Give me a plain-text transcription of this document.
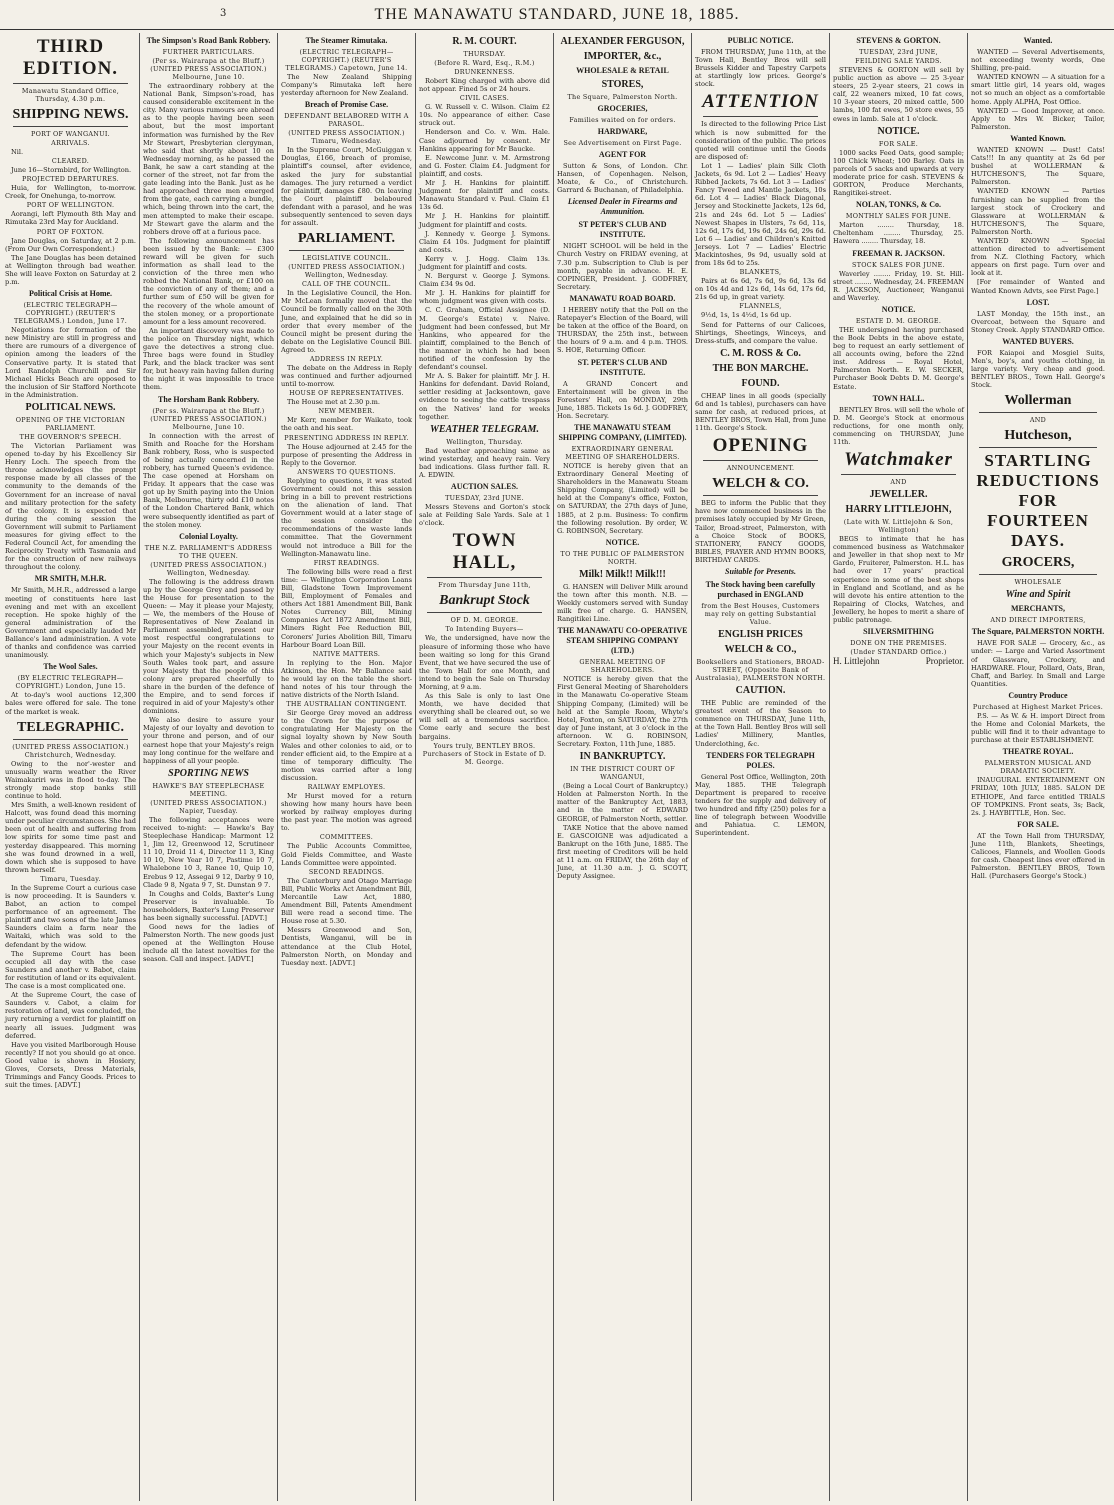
THE MANAWATU STANDARD, JUNE 18, 1885.
3
THIRD EDITION.
Manawatu Standard Office, Thursday, 4.30 p.m.
SHIPPING NEWS.
PORT OF WANGANUI.
ARRIVALS.

Nil.

CLEARED.

June 16—Stormbird, for Wellington.

PROJECTED DEPARTURES.

Huia, for Wellington, to-morrow. Creek, for Onehunga, to-morrow.

PORT OF WELLINGTON.

Aorangi, left Plymouth 8th May and Rimutaka 23rd May for Auckland.

PORT OF FOXTON.

Jane Douglas, on Saturday, at 2 p.m. (From Our Own Correspondent.)

The Jane Douglas has been detained at Wellington through bad weather. She will leave Foxton on Saturday at 2 p.m.

Political Crisis at Home.
(ELECTRIC TELEGRAPH—COPYRIGHT.) (REUTER'S TELEGRAMS.) London, June 17.

Negotiations for formation of the new Ministry are still in progress and there are rumours of a divergence of opinion among the leaders of the Conservative party. It is stated that Lord Randolph Churchill and Sir Michael Hicks Beach are opposed to the inclusion of Sir Stafford Northcote in the Administration.

POLITICAL NEWS.
OPENING OF THE VICTORIAN PARLIAMENT.
THE GOVERNOR'S SPEECH.

The Victorian Parliament was opened to-day by his Excellency Sir Henry Loch. The speech from the throne acknowledges the prompt response made by all classes of the community to the demands of the Government for an increase of naval and military protection for the safety of the colony. It is expected that during the coming session the Government will submit to Parliament measures for giving effect to the Federal Council Act, for amending the Reciprocity Treaty with Tasmania and for the construction of new railways throughout the colony.

MR SMITH, M.H.R.

Mr Smith, M.H.R., addressed a large meeting of constituents here last evening and met with an excellent reception. He spoke highly of the general administration of the Government and especially lauded Mr Ballance's land administration. A vote of thanks and confidence was carried unanimously.

The Wool Sales.
(BY ELECTRIC TELEGRAPH—COPYRIGHT.) London, June 15.

At to-day's wool auctions 12,300 bales were offered for sale. The tone of the market is weak.

TELEGRAPHIC.
(UNITED PRESS ASSOCIATION.) Christchurch, Wednesday.

Owing to the nor'-wester and unusually warm weather the River Waimakariri was in flood to-day. The strongly made stop banks still continue to hold.

Mrs Smith, a well-known resident of Halcott, was found dead this morning under peculiar circumstances. She had been out of health and suffering from low spirits for some time past and yesterday disappeared. This morning she was found drowned in a well, down which she is supposed to have thrown herself.

Timaru, Tuesday.

In the Supreme Court a curious case is now proceeding. It is Saunders v. Babot, an action to compel performance of an agreement. The plaintiff and two sons of the late James Saunders claim a farm near the Waitaki, which was sold to the defendant by the widow.

The Supreme Court has been occupied all day with the case Saunders and another v. Babot, claim for restitution of land or its equivalent. The case is a most complicated one.

At the Supreme Court, the case of Saunders v. Cabot, a claim for restoration of land, was concluded, the jury returning a verdict for plaintiff on nearly all issues. Judgment was deferred.

Have you visited Marlborough House recently? If not you should go at once. Good value is shown in Hosiery, Gloves, Corsets, Dress Materials, Trimmings and Fancy Goods. Prices to suit the times. [ADVT.]

The Simpson's Road Bank Robbery.
FURTHER PARTICULARS.
(Per ss. Wairarapa at the Bluff.) (UNITED PRESS ASSOCIATION.) Melbourne, June 10.

The extraordinary robbery at the National Bank, Simpson's-road, has caused considerable excitement in the city. Many various rumours are abroad as to the people having been seen about, but the most important information was furnished by the Rev Mr Stewart, Presbyterian clergyman, who said that shortly about 10 on Wednesday morning, as he passed the Bank, he saw a cart standing at the corner of the street, not far from the gate leading into the Bank. Just as he had approached three men emerged from the gate, each carrying a bundle, which, being thrown into the cart, the men attempted to make their escape. Mr Stewart gave the alarm and the robbers drove off at a furious pace.

The following announcement has been issued by the Bank: — £300 reward will be given for such information as shall lead to the conviction of the three men who robbed the National Bank, or £100 on the conviction of any of them; and a further sum of £50 will be given for the recovery of the whole amount of the stolen money, or a proportionate amount for a less amount recovered.

An important discovery was made to the police on Thursday night, which gave the detectives a strong clue. Three bags were found in Studley Park, and the black tracker was sent for, but heavy rain having fallen during the night it was impossible to trace them.

The Horsham Bank Robbery.
(Per ss. Wairarapa at the Bluff.) (UNITED PRESS ASSOCIATION.) Melbourne, June 10.

In connection with the arrest of Smith and Roache for the Horsham Bank robbery, Ross, who is suspected of being actually concerned in the robbery, has turned Queen's evidence. The case opened at Horsham on Friday. It appears that the case was got up by Smith paying into the Union Bank, Melbourne, thirty odd £10 notes of the London Chartered Bank, which were subsequently identified as part of the stolen money.

Colonial Loyalty.
THE N.Z. PARLIAMENT'S ADDRESS TO THE QUEEN.
(UNITED PRESS ASSOCIATION.) Wellington, Wednesday.

The following is the address drawn up by the George Grey and passed by the House for presentation to the Queen: — May it please your Majesty, — We, the members of the House of Representatives of New Zealand in Parliament assembled, present our most respectful congratulations to your Majesty on the recent events in which your Majesty's subjects in New South Wales took part, and assure your Majesty that the people of this colony are prepared cheerfully to share in the burden of the defence of the Empire, and to send forces if required in aid of your Majesty's other dominions.

We also desire to assure your Majesty of our loyalty and devotion to your throne and person, and of our earnest hope that your Majesty's reign may long continue for the welfare and happiness of all your people.

SPORTING NEWS
HAWKE'S BAY STEEPLECHASE MEETING.
(UNITED PRESS ASSOCIATION.) Napier, Tuesday.

The following acceptances were received to-night: — Hawke's Bay Steeplechase Handicap: Marmont 12 1, Jim 12, Greenwood 12, Scrutineer 11 10, Droid 11 4, Director 11 3, King 10 10, New Year 10 7, Pastime 10 7, Whalebone 10 3, Ranee 10, Quip 10, Erebus 9 12, Assegai 9 12, Darby 9 10, Clade 9 8, Ngata 9 7, St. Dunstan 9 7.

In Coughs and Colds, Baxter's Lung Preserver is invaluable. To householders, Baxter's Lung Preserver has been signally successful. [ADVT.]

Good news for the ladies of Palmerston North. The new goods just opened at the Wellington House include all the latest novelties for the season. Call and inspect. [ADVT.]

The Steamer Rimutaka.
(ELECTRIC TELEGRAPH—COPYRIGHT.) (REUTER'S TELEGRAMS.) Capetown, June 14.

The New Zealand Shipping Company's Rimutaka left here yesterday afternoon for New Zealand.

Breach of Promise Case.
DEFENDANT BELABORED WITH A PARASOL.
(UNITED PRESS ASSOCIATION.) Timaru, Wednesday.

In the Supreme Court, McGuiggan v. Douglas, £166, breach of promise, plaintiff's counsel, after evidence, asked the jury for substantial damages. The jury returned a verdict for plaintiff, damages £80. On leaving the Court plaintiff belaboured defendant with a parasol, and he was subsequently sentenced to seven days for assault.

PARLIAMENT.
LEGISLATIVE COUNCIL.
(UNITED PRESS ASSOCIATION.) Wellington, Wednesday.
CALL OF THE COUNCIL.

In the Legislative Council, the Hon. Mr McLean formally moved that the Council be formally called on the 30th June, and explained that he did so in order that every member of the Council might be present during the debate on the Legislative Council Bill. Agreed to.

ADDRESS IN REPLY.

The debate on the Address in Reply was continued and further adjourned until to-morrow.

HOUSE OF REPRESENTATIVES.

The House met at 2.30 p.m.

NEW MEMBER.

Mr Kerr, member for Waikato, took the oath and his seat.

PRESENTING ADDRESS IN REPLY.

The House adjourned at 2.45 for the purpose of presenting the Address in Reply to the Governor.

ANSWERS TO QUESTIONS.

Replying to questions, it was stated Government could not this session bring in a bill to prevent restrictions on the alienation of land. That Government would at a later stage of the session consider the recommendations of the waste lands committee. That the Government would not introduce a Bill for the Wellington-Manawatu line.

FIRST READINGS.

The following bills were read a first time: — Wellington Corporation Loans Bill, Gladstone Town Improvement Bill, Employment of Females and others Act 1881 Amendment Bill, Bank Notes Currency Bill, Mining Companies Act 1872 Amendment Bill, Miners Right Fee Reduction Bill, Coroners' Juries Abolition Bill, Timaru Harbour Board Loan Bill.

NATIVE MATTERS.

In replying to the Hon. Major Atkinson, the Hon. Mr Ballance said he would lay on the table the short-hand notes of his tour through the native districts of the North Island.

THE AUSTRALIAN CONTINGENT.

Sir George Grey moved an address to the Crown for the purpose of congratulating Her Majesty on the signal loyalty shown by New South Wales and other colonies to aid, or to render efficient aid, to the Empire at a time of temporary difficulty. The motion was carried after a long discussion.

RAILWAY EMPLOYES.

Mr Hurst moved for a return showing how many hours have been worked by railway employes during the past year. The motion was agreed to.

COMMITTEES.

The Public Accounts Committee, Gold Fields Committee, and Waste Lands Committee were appointed.

SECOND READINGS.

The Canterbury and Otago Marriage Bill, Public Works Act Amendment Bill, Mercantile Law Act, 1880, Amendment Bill, Patents Amendment Bill were read a second time. The House rose at 5.30.

Messrs Greenwood and Son, Dentists, Wanganui, will be in attendance at the Club Hotel, Palmerston North, on Monday and Tuesday next. [ADVT.]

R. M. COURT.
THURSDAY.
(Before R. Ward, Esq., R.M.)
DRUNKENNESS.

Robert King charged with above did not appear. Fined 5s or 24 hours.

CIVIL CASES.

G. W. Russell v. C. Wilson. Claim £2 10s. No appearance of either. Case struck out.

Henderson and Co. v. Wm. Hale. Case adjourned by consent. Mr Hankins appearing for Mr Baucke.

E. Newcome Junr. v. M. Armstrong and G. Foster. Claim £4. Judgment for plaintiff, and costs.

Mr J. H. Hankins for plaintiff. Judgment for plaintiff and costs. Manawatu Standard v. Paul. Claim £1 13s 6d.

Mr J. H. Hankins for plaintiff. Judgment for plaintiff and costs.

J. Kennedy v. George J. Symons. Claim £4 10s. Judgment for plaintiff and costs.

Kerry v. J. Hogg. Claim 13s. Judgment for plaintiff and costs.

N. Bergurst v. George J. Symons. Claim £34 9s 0d.

Mr J. H. Hankins for plaintiff for whom judgment was given with costs.

C. C. Graham, Official Assignee (D. M. George's Estate) v. Naive. Judgment had been confessed, but Mr Hankins, who appeared for the plaintiff, complained to the Bench of the manner in which he had been notified of the confession by the defendant's counsel.

Mr A. S. Baker for plaintiff. Mr J. H. Hankins for defendant. David Roland, settler residing at Jacksontown, gave evidence to seeing the cattle trespass on the Natives' land for weeks together.

WEATHER TELEGRAM.
Wellington, Thursday.

Bad weather approaching same as wind yesterday, and heavy rain. Very bad indications. Glass further fall. R. A. EDWIN.

AUCTION SALES.
TUESDAY, 23rd JUNE.

Messrs Stevens and Gorton's stock sale at Feilding Sale Yards. Sale at 1 o'clock.

TOWN HALL,
From Thursday June 11th,
Bankrupt Stock
OF D. M. GEORGE.
To Intending Buyers—

We, the undersigned, have now the pleasure of informing those who have been waiting so long for this Grand Event, that we have secured the use of the Town Hall for one Month, and intend to begin the Sale on Thursday Morning, at 9 a.m.

As this Sale is only to last One Month, we have decided that everything shall be cleared out, so we will sell at a tremendous sacrifice. Come early and secure the best bargains.

Yours truly, BENTLEY BROS. Purchasers of Stock in Estate of D. M. George.
ALEXANDER FERGUSON,
IMPORTER, &c.,
WHOLESALE & RETAIL
STORES,
The Square, Palmerston North.
GROCERIES,
Families waited on for orders.
HARDWARE,
See Advertisement on First Page.
AGENT FOR

Sutton & Sons, of London. Chr. Hansen, of Copenhagen. Nelson, Moate, & Co., of Christchurch. Garrard & Buchanan, of Philadelphia.

Licensed Dealer in Firearms and Ammunition.
ST PETER'S CLUB AND INSTITUTE.

NIGHT SCHOOL will be held in the Church Vestry on FRIDAY evening, at 7.30 p.m. Subscription to Club is per month, payable in advance. H. E. COPINGER, President. J. GODFREY, Secretary.

MANAWATU ROAD BOARD.

I HEREBY notify that the Poll on the Ratepayer's Election of the Board, will be taken at the office of the Board, on THURSDAY, the 25th inst., between the hours of 9 a.m. and 4 p.m. THOS. S. HOE, Returning Officer.

ST. PETER'S CLUB AND INSTITUTE.

A GRAND Concert and Entertainment will be given in the Foresters' Hall, on MONDAY, 29th June, 1885. Tickets 1s 6d. J. GODFREY, Hon. Secretary.

THE MANAWATU STEAM SHIPPING COMPANY, (LIMITED).
EXTRAORDINARY GENERAL MEETING OF SHAREHOLDERS.

NOTICE is hereby given that an Extraordinary General Meeting of Shareholders in the Manawatu Steam Shipping Company, (Limited) will be held at the Company's office, Foxton, on SATURDAY, the 27th days of June, 1885, at 2 p.m. Business: To confirm the following resolution. By order, W. G. ROBINSON, Secretary.

NOTICE.
TO THE PUBLIC OF PALMERSTON NORTH.
Milk! Milk!! Milk!!!

G. HANSEN will Deliver Milk around the town after this month. N.B. — Weekly customers served with Sunday milk free of charge. G. HANSEN, Rangitikei Line.

THE MANAWATU CO-OPERATIVE STEAM SHIPPING COMPANY (LTD.)
GENERAL MEETING OF SHAREHOLDERS.

NOTICE is hereby given that the First General Meeting of Shareholders in the Manawatu Co-operative Steam Shipping Company, (Limited) will be held at the Sample Room, Whyte's Hotel, Foxton, on SATURDAY, the 27th day of June instant, at 3 o'clock in the afternoon. W. G. ROBINSON, Secretary. Foxton, 11th June, 1885.

IN BANKRUPTCY.
IN THE DISTRICT COURT OF WANGANUI,

(Being a Local Court of Bankruptcy.) Holden at Palmerston North. In the matter of the Bankruptcy Act, 1883, and in the matter of EDWARD GEORGE, of Palmerston North, settler.

TAKE Notice that the above named E. GASCOIGNE was adjudicated a Bankrupt on the 16th June, 1885. The first meeting of Creditors will be held at 11 a.m. on FRIDAY, the 26th day of June, at 11.30 a.m. J. G. SCOTT, Deputy Assignee.

PUBLIC NOTICE.

FROM THURSDAY, June 11th, at the Town Hall, Bentley Bros will sell Brussels Kidder and Tapestry Carpets at startlingly low prices. George's stock.

ATTENTION

Is directed to the following Price List which is now submitted for the consideration of the public. The prices quoted will continue until the Goods are disposed of:

Lot 1 — Ladies' plain Silk Cloth Jackets, 6s 9d. Lot 2 — Ladies' Heavy Ribbed Jackets, 7s 6d. Lot 3 — Ladies' Fancy Tweed and Mantle Jackets, 10s 6d. Lot 4 — Ladies' Black Diagonal, Jersey and Stockinette Jackets, 12s 6d, 21s and 24s 6d. Lot 5 — Ladies' Newest Shapes in Ulsters, 7s 6d, 11s, 12s 6d, 17s 6d, 19s 6d, 24s 6d, 29s 6d. Lot 6 — Ladies' and Children's Knitted Jerseys. Lot 7 — Ladies' Electric Mackintoshes, 9s 9d, usually sold at from 18s 6d to 25s.

BLANKETS,

Pairs at 6s 6d, 7s 6d, 9s 6d, 13s 6d on 10s 4d and 12s 6d, 14s 6d, 17s 6d, 21s 6d up, in great variety.

FLANNELS,

9½d, 1s, 1s 4½d, 1s 6d up.

Send for Patterns of our Calicoes, Shirtings, Sheetings, Winceys, and Dress-stuffs, and compare the value.

C. M. ROSS & Co.
THE BON MARCHE.
FOUND.

CHEAP lines in all goods (specially 6d and 1s tables), purchasers can have same for cash, at reduced prices, at BENTLEY BROS, Town Hall, from June 11th. George's Stock.

OPENING
ANNOUNCEMENT.
WELCH & CO.

BEG to inform the Public that they have now commenced business in the premises lately occupied by Mr Green, Tailor, Broad-street, Palmerston, with a Choice Stock of BOOKS, STATIONERY, FANCY GOODS, BIBLES, PRAYER AND HYMN BOOKS, BIRTHDAY CARDS.

Suitable for Presents.
The Stock having been carefully purchased in ENGLAND
from the Best Houses, Customers may rely on getting Substantial Value.
ENGLISH PRICES
WELCH & CO.,
Booksellers and Stationers, BROAD-STREET, (Opposite Bank of Australasia), PALMERSTON NORTH.
CAUTION.

THE Public are reminded of the greatest event of the Season to commence on THURSDAY, June 11th, at the Town Hall. Bentley Bros will sell Ladies' Millinery, Mantles, Underclothing, &c.

TENDERS FOR TELEGRAPH POLES.

General Post Office, Wellington, 20th May, 1885. THE Telegraph Department is prepared to receive tenders for the supply and delivery of two hundred and fifty (250) poles for a line of telegraph between Woodville and Pahiatua. C. LEMON, Superintendent.

STEVENS & GORTON.
TUESDAY, 23rd JUNE,
FEILDING SALE YARDS.

STEVENS & GORTON will sell by public auction as above — 25 3-year steers, 25 2-year steers, 21 cows in calf, 22 weaners mixed, 10 fat cows, 10 3-year steers, 20 mixed cattle, 500 lambs, 100 fat ewes, 50 store ewes, 55 ewes in lamb. Sale at 1 o'clock.

NOTICE.
FOR SALE.

1000 sacks Feed Oats, good sample; 100 Chick Wheat; 100 Barley. Oats in parcels of 5 sacks and upwards at very moderate price for cash. STEVENS & GORTON, Produce Merchants, Rangitikei-street.

NOLAN, TONKS, & Co.
MONTHLY SALES FOR JUNE.

Marton ........ Thursday, 18. Cheltenham ........ Thursday, 25. Hawera ........ Thursday, 18.

FREEMAN R. JACKSON.
STOCK SALES FOR JUNE.

Waverley ........ Friday, 19. St. Hill-street ........ Wednesday, 24. FREEMAN R. JACKSON, Auctioneer, Wanganui and Waverley.

NOTICE.
ESTATE D. M. GEORGE.

THE undersigned having purchased the Book Debts in the above estate, beg to request an early settlement of all accounts owing, before the 22nd inst. Address — Royal Hotel, Palmerston North. E. W. SECKER, Purchaser Book Debts D. M. George's Estate.

TOWN HALL.

BENTLEY Bros. will sell the whole of D. M. George's Stock at enormous reductions, for one month only, commencing on THURSDAY, June 11th.

Watchmaker
AND
JEWELLER.
HARRY LITTLEJOHN,
(Late with W. Littlejohn & Son, Wellington)

BEGS to intimate that he has commenced business as Watchmaker and Jeweller in that shop next to Mr Gardo, Fruiterer, Palmerston. H.L. has had over 17 years' practical experience in some of the best shops in England and Scotland, and as he will devote his entire attention to the Repairing of Clocks, Watches, and Jewellery, he hopes to merit a share of public patronage.

SILVERSMITHING
DONE ON THE PREMISES.
(Under STANDARD Office.)
H. Littlejohn	Proprietor.
Wanted.

WANTED — Several Advertisements, not exceeding twenty words, One Shilling, pre-paid.

WANTED KNOWN — A situation for a smart little girl, 14 years old, wages not so much an object as a comfortable home. Apply ALPHA, Post Office.

WANTED — Good Improver, at once. Apply to Mrs W. Bicker, Tailor, Palmerston.

Wanted Known.

WANTED KNOWN — Dust! Cats! Cats!!! In any quantity at 2s 6d per bushel at WOLLERMAN & HUTCHESON'S, The Square, Palmerston.

WANTED KNOWN — Parties furnishing can be supplied from the largest stock of Crockery and Glassware at WOLLERMAN & HUTCHESON'S, The Square, Palmerston North.

WANTED KNOWN — Special attention directed to advertisement from N.Z. Clothing Factory, which appears on first page. Turn over and look at it.

[For remainder of Wanted and Wanted Known Advts, see First Page.]

LOST.

LAST Monday, the 15th inst., an Overcoat, between the Square and Stoney Creek. Apply STANDARD Office.

WANTED BUYERS.

FOR Kaiapoi and Mosgiel Suits, Men's, boy's, and youths clothing, in large variety. Very cheap and good. BENTLEY BROS., Town Hall. George's Stock.

Wollerman
AND
Hutcheson,
STARTLING REDUCTIONS FOR FOURTEEN DAYS.
GROCERS,
WHOLESALE
Wine and Spirit
MERCHANTS,
AND DIRECT IMPORTERS,
The Square, PALMERSTON NORTH.

HAVE FOR SALE — Grocery, &c., as under: — Large and Varied Assortment of Glassware, Crockery, and HARDWARE. Flour, Pollard, Oats, Bran, Chaff, and Barley. In Small and Large Quantities.

Country Produce
Purchased at Highest Market Prices.

P.S. — As W. & H. import Direct from the Home and Colonial Markets, the public will find it to their advantage to purchase at their ESTABLISHMENT.

THEATRE ROYAL.
PALMERSTON MUSICAL AND DRAMATIC SOCIETY.

INAUGURAL ENTERTAINMENT ON FRIDAY, 10th JULY, 1885. SALON DE ETHIOPE, And farce entitled TRIALS OF TOMPKINS. Front seats, 3s; Back, 2s. J. HAYBITTLE, Hon. Sec.

FOR SALE.

AT the Town Hall from THURSDAY, June 11th, Blankets, Sheetings, Calicoes, Flannels, and Woollen Goods for cash. Cheapest lines ever offered in Palmerston. BENTLEY BROS, Town Hall. (Purchasers George's Stock.)
